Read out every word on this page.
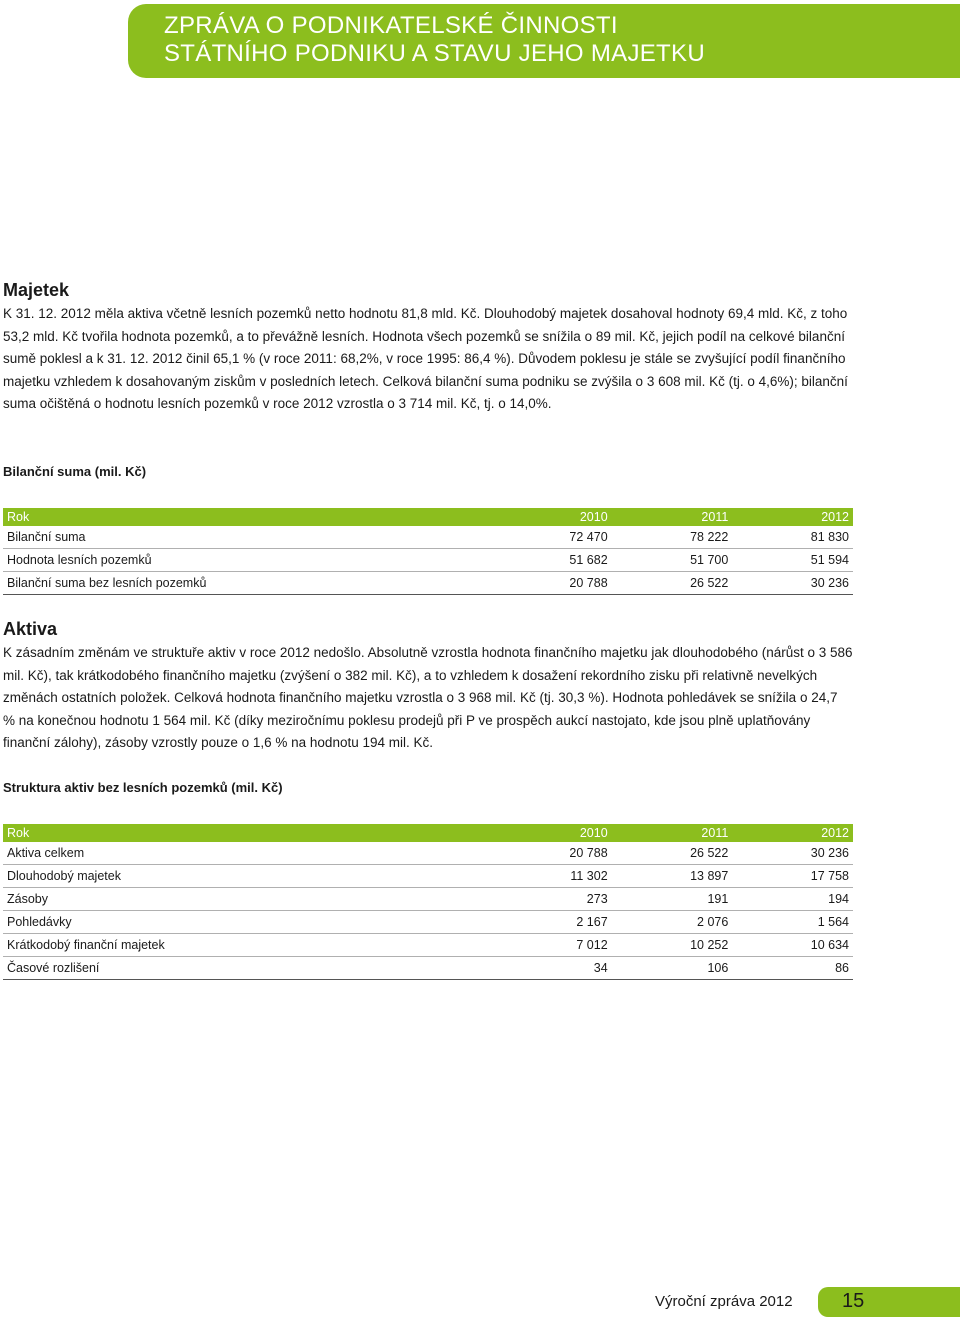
ZPRÁVA O PODNIKATELSKÉ ČINNOSTI
STÁTNÍHO PODNIKU A STAVU JEHO MAJETKU
Majetek

K 31. 12. 2012 měla aktiva včetně lesních pozemků netto hodnotu 81,8 mld. Kč. Dlouhodobý majetek dosahoval hodnoty 69,4 mld. Kč, z toho 53,2 mld. Kč tvořila hodnota pozemků, a to převážně lesních. Hodnota všech pozemků se snížila o 89 mil. Kč, jejich podíl na celkové bilanční sumě poklesl a k 31. 12. 2012 činil 65,1 % (v roce 2011: 68,2%, v roce 1995: 86,4 %). Důvodem poklesu je stále se zvyšující podíl finančního majetku vzhledem k dosahovaným ziskům v posledních letech. Celková bilanční suma podniku se zvýšila o 3 608 mil. Kč (tj. o 4,6%); bilanční suma očištěná o hodnotu lesních pozemků v roce 2012 vzrostla o 3 714 mil. Kč, tj. o 14,0%.

Bilanční suma (mil. Kč)

Rok	2010	2011	2012
Bilanční suma	72 470	78 222	81 830
Hodnota lesních pozemků	51 682	51 700	51 594
Bilanční suma bez lesních pozemků	20 788	26 522	30 236
Aktiva

K zásadním změnám ve struktuře aktiv v roce 2012 nedošlo. Absolutně vzrostla hodnota finančního majetku jak dlouhodobého (nárůst o 3 586 mil. Kč), tak krátkodobého finančního majetku (zvýšení o 382 mil. Kč), a to vzhledem k dosažení rekordního zisku při relativně nevelkých změnách ostatních položek. Celková hodnota finančního majetku vzrostla o 3 968 mil. Kč (tj. 30,3 %). Hodnota pohledávek se snížila o 24,7 % na konečnou hodnotu 1 564 mil. Kč (díky meziročnímu poklesu prodejů při P ve prospěch aukcí nastojato, kde jsou plně uplatňovány finanční zálohy), zásoby vzrostly pouze o 1,6 % na hodnotu 194 mil. Kč.

Struktura aktiv bez lesních pozemků (mil. Kč)

Rok	2010	2011	2012
Aktiva celkem	20 788	26 522	30 236
Dlouhodobý majetek	11 302	13 897	17 758
Zásoby	273	191	194
Pohledávky	2 167	2 076	1 564
Krátkodobý finanční majetek	7 012	10 252	10 634
Časové rozlišení	34	106	86
Výroční zpráva 2012 15
